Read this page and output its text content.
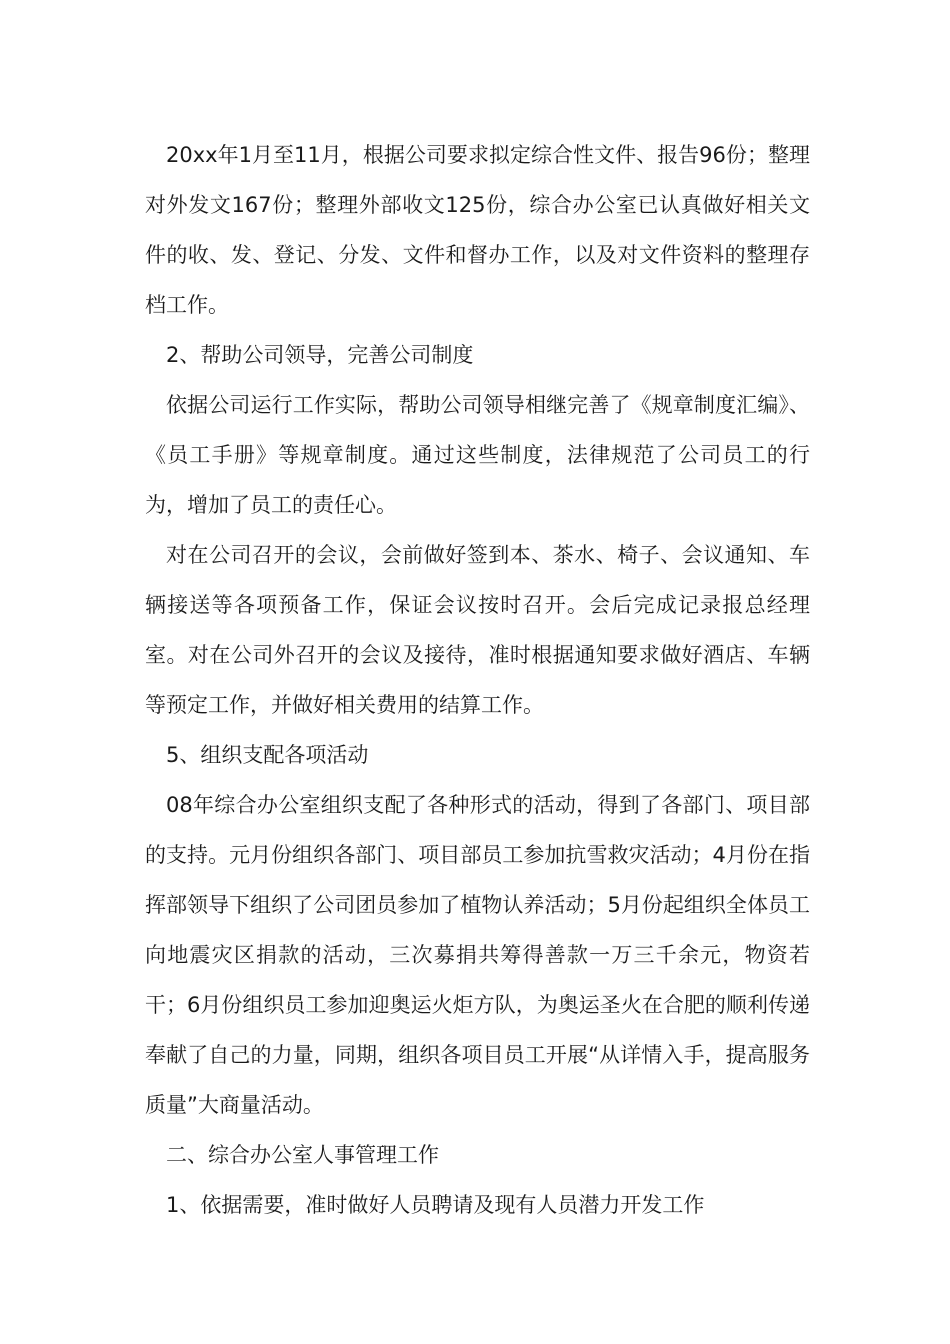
20xx年1月至11月，根据公司要求拟定综合性文件、报告96份；整理对外发文167份；整理外部收文125份，综合办公室已认真做好相关文件的收、发、登记、分发、文件和督办工作，以及对文件资料的整理存档工作。

2、帮助公司领导，完善公司制度

依据公司运行工作实际，帮助公司领导相继完善了《规章制度汇编》、《员工手册》等规章制度。通过这些制度，法律规范了公司员工的行为，增加了员工的责任心。

对在公司召开的会议，会前做好签到本、茶水、椅子、会议通知、车辆接送等各项预备工作，保证会议按时召开。会后完成记录报总经理室。对在公司外召开的会议及接待，准时根据通知要求做好酒店、车辆等预定工作，并做好相关费用的结算工作。

5、组织支配各项活动

08年综合办公室组织支配了各种形式的活动，得到了各部门、项目部的支持。元月份组织各部门、项目部员工参加抗雪救灾活动；4月份在指挥部领导下组织了公司团员参加了植物认养活动；5月份起组织全体员工向地震灾区捐款的活动，三次募捐共筹得善款一万三千余元，物资若干；6月份组织员工参加迎奥运火炬方队，为奥运圣火在合肥的顺利传递奉献了自己的力量，同期，组织各项目员工开展“从详情入手，提高服务质量”大商量活动。

二、综合办公室人事管理工作

1、依据需要，准时做好人员聘请及现有人员潜力开发工作
